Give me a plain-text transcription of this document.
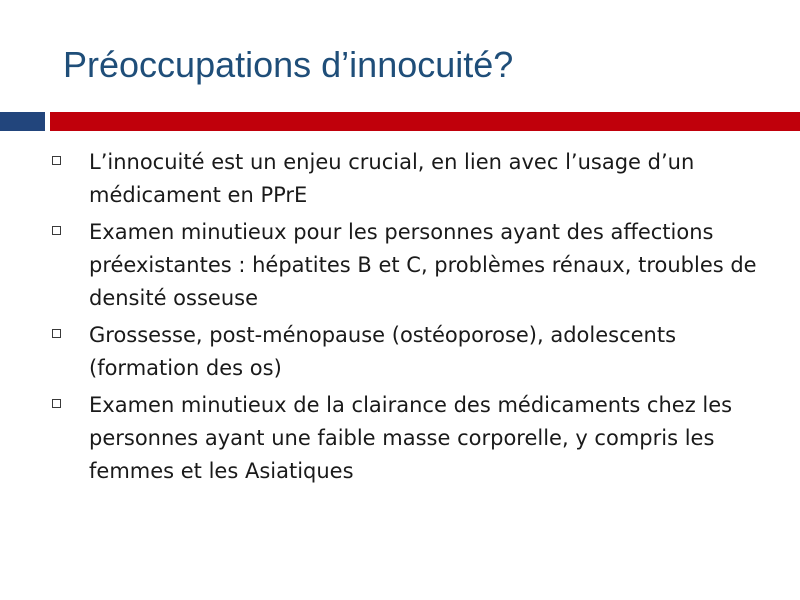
Préoccupations d’innocuité?
L’innocuité est un enjeu crucial, en lien avec l’usage d’un médicament en PPrE
Examen minutieux pour les personnes ayant des affections préexistantes : hépatites B et C, problèmes rénaux, troubles de densité osseuse
Grossesse, post-ménopause (ostéoporose), adolescents (formation des os)
Examen minutieux de la clairance des médicaments chez les personnes ayant une faible masse corporelle, y compris les femmes et les Asiatiques
